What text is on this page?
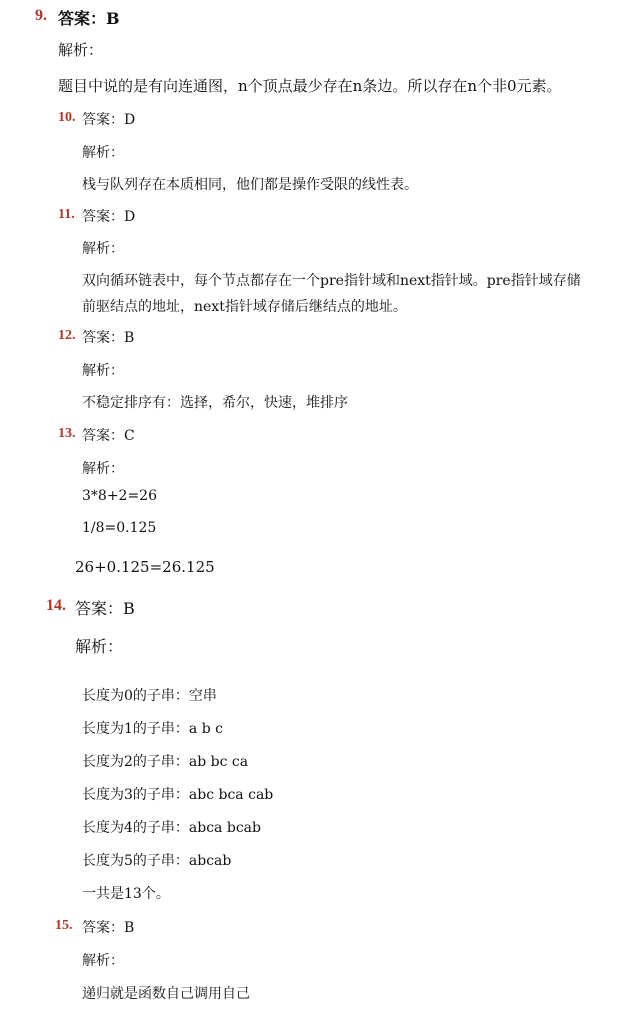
9. 答案：B
解析：
题目中说的是有向连通图，n个顶点最少存在n条边。所以存在n个非0元素。
10. 答案：D
解析：
栈与队列存在本质相同，他们都是操作受限的线性表。
11. 答案：D
解析：
双向循环链表中，每个节点都存在一个pre指针域和next指针域。pre指针域存储
前驱结点的地址，next指针域存储后继结点的地址。
12. 答案：B
解析：
不稳定排序有：选择，希尔，快速，堆排序
13. 答案：C
解析：
3*8+2=26
1/8=0.125
26+0.125=26.125
14. 答案：B
解析：
长度为0的子串：空串
长度为1的子串：a b c
长度为2的子串：ab bc ca
长度为3的子串：abc bca cab
长度为4的子串：abca bcab
长度为5的子串：abcab
一共是13个。
15. 答案：B
解析：
递归就是函数自己调用自己
